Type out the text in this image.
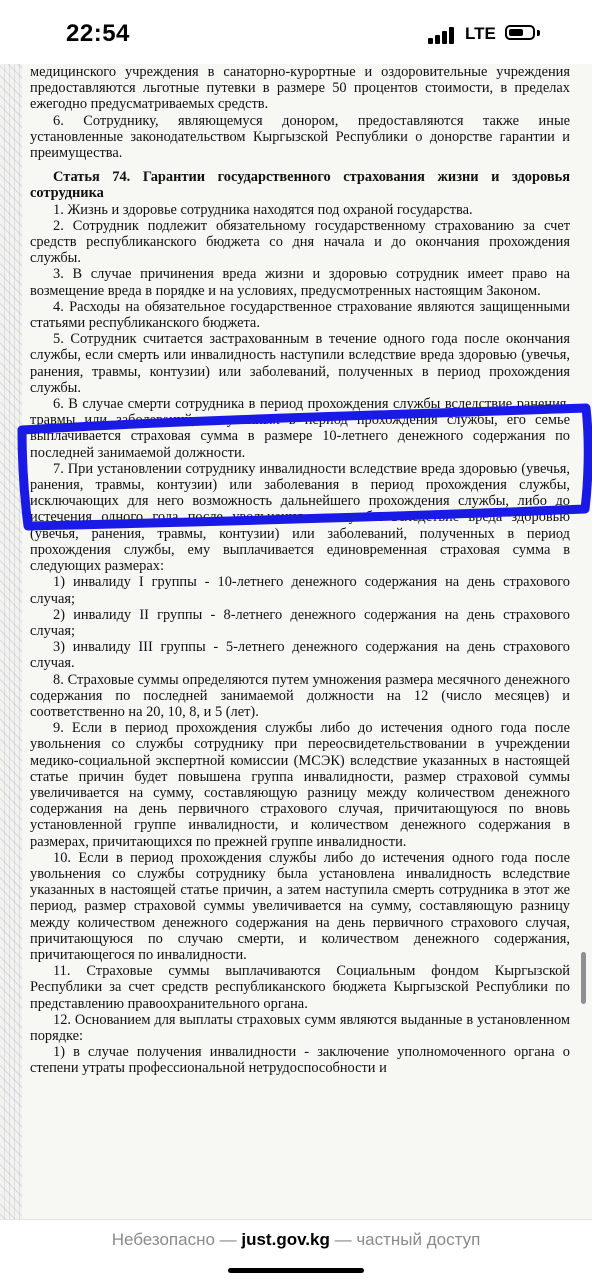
22:54	LTE

медицинского учреждения в санаторно-курортные и оздоровительные учреждения предоставляются льготные путевки в размере 50 процентов стоимости, в пределах ежегодно предусматриваемых средств.

6. Сотруднику, являющемуся донором, предоставляются также иные установленные законодательством Кыргызской Республики о донорстве гарантии и преимущества.

Статья 74. Гарантии государственного страхования жизни и здоровья сотрудника

1. Жизнь и здоровье сотрудника находятся под охраной государства.

2. Сотрудник подлежит обязательному государственному страхованию за счет средств республиканского бюджета со дня начала и до окончания прохождения службы.

3. В случае причинения вреда жизни и здоровью сотрудник имеет право на возмещение вреда в порядке и на условиях, предусмотренных настоящим Законом.

4. Расходы на обязательное государственное страхование являются защищенными статьями республиканского бюджета.

5. Сотрудник считается застрахованным в течение одного года после окончания службы, если смерть или инвалидность наступили вследствие вреда здоровью (увечья, ранения, травмы, контузии) или заболеваний, полученных в период прохождения службы.

6. В случае смерти сотрудника в период прохождения службы вследствие ранения, травмы или заболеваний, полученных в период прохождения службы, его семье выплачивается страховая сумма в размере 10-летнего денежного содержания по последней занимаемой должности.

7. При установлении сотруднику инвалидности вследствие вреда здоровью (увечья, ранения, травмы, контузии) или заболевания в период прохождения службы, исключающих для него возможность дальнейшего прохождения службы, либо до истечения одного года после увольнения со службы вследствие вреда здоровью (увечья, ранения, травмы, контузии) или заболеваний, полученных в период прохождения службы, ему выплачивается единовременная страховая сумма в следующих размерах:

1) инвалиду I группы - 10-летнего денежного содержания на день страхового случая;

2) инвалиду II группы - 8-летнего денежного содержания на день страхового случая;

3) инвалиду III группы - 5-летнего денежного содержания на день страхового случая.

8. Страховые суммы определяются путем умножения размера месячного денежного содержания по последней занимаемой должности на 12 (число месяцев) и соответственно на 20, 10, 8, и 5 (лет).

9. Если в период прохождения службы либо до истечения одного года после увольнения со службы сотруднику при переосвидетельствовании в учреждении медико-социальной экспертной комиссии (МСЭК) вследствие указанных в настоящей статье причин будет повышена группа инвалидности, размер страховой суммы увеличивается на сумму, составляющую разницу между количеством денежного содержания на день первичного страхового случая, причитающуюся по вновь установленной группе инвалидности, и количеством денежного содержания в размерах, причитающихся по прежней группе инвалидности.

10. Если в период прохождения службы либо до истечения одного года после увольнения со службы сотруднику была установлена инвалидность вследствие указанных в настоящей статье причин, а затем наступила смерть сотрудника в этот же период, размер страховой суммы увеличивается на сумму, составляющую разницу между количеством денежного содержания на день первичного страхового случая, причитающуюся по случаю смерти, и количеством денежного содержания, причитающегося по инвалидности.

11. Страховые суммы выплачиваются Социальным фондом Кыргызской Республики за счет средств республиканского бюджета Кыргызской Республики по представлению правоохранительного органа.

12. Основанием для выплаты страховых сумм являются выданные в установленном порядке:

1) в случае получения инвалидности - заключение уполномоченного органа о степени утраты профессиональной нетрудоспособности и

Небезопасно — just.gov.kg — частный доступ
